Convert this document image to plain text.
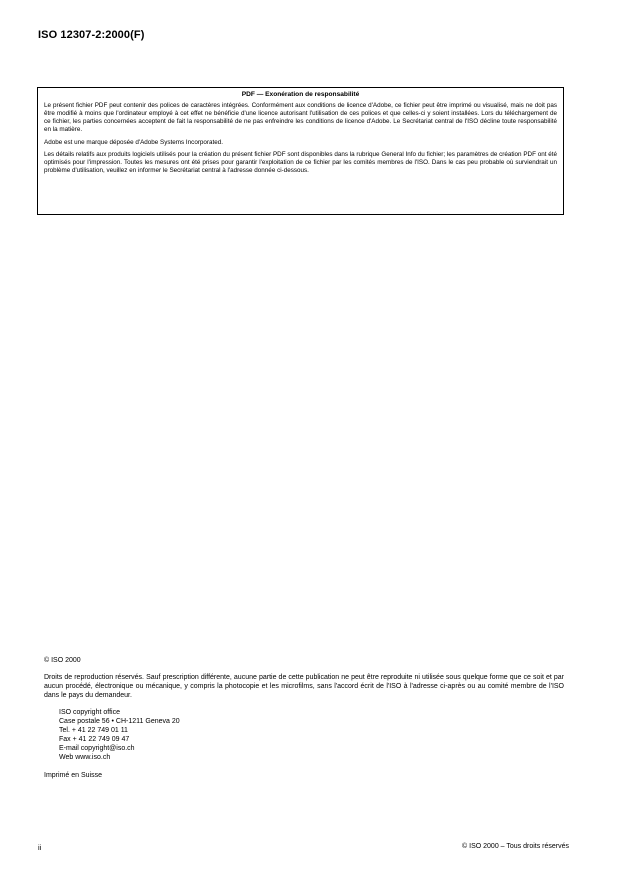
ISO 12307-2:2000(F)
PDF — Exonération de responsabilité

Le présent fichier PDF peut contenir des polices de caractères intégrées. Conformément aux conditions de licence d'Adobe, ce fichier peut être imprimé ou visualisé, mais ne doit pas être modifié à moins que l'ordinateur employé à cet effet ne bénéficie d'une licence autorisant l'utilisation de ces polices et que celles-ci y soient installées. Lors du téléchargement de ce fichier, les parties concernées acceptent de fait la responsabilité de ne pas enfreindre les conditions de licence d'Adobe. Le Secrétariat central de l'ISO décline toute responsabilité en la matière.

Adobe est une marque déposée d'Adobe Systems Incorporated.

Les détails relatifs aux produits logiciels utilisés pour la création du présent fichier PDF sont disponibles dans la rubrique General Info du fichier; les paramètres de création PDF ont été optimisés pour l'impression. Toutes les mesures ont été prises pour garantir l'exploitation de ce fichier par les comités membres de l'ISO. Dans le cas peu probable où surviendrait un problème d'utilisation, veuillez en informer le Secrétariat central à l'adresse donnée ci-dessous.

© ISO 2000

Droits de reproduction réservés. Sauf prescription différente, aucune partie de cette publication ne peut être reproduite ni utilisée sous quelque forme que ce soit et par aucun procédé, électronique ou mécanique, y compris la photocopie et les microfilms, sans l'accord écrit de l'ISO à l'adresse ci-après ou au comité membre de l'ISO dans le pays du demandeur.

ISO copyright office
Case postale 56 • CH-1211 Geneva 20
Tel. + 41 22 749 01 11
Fax + 41 22 749 09 47
E-mail copyright@iso.ch
Web www.iso.ch
Imprimé en Suisse
ii	© ISO 2000 – Tous droits réservés
